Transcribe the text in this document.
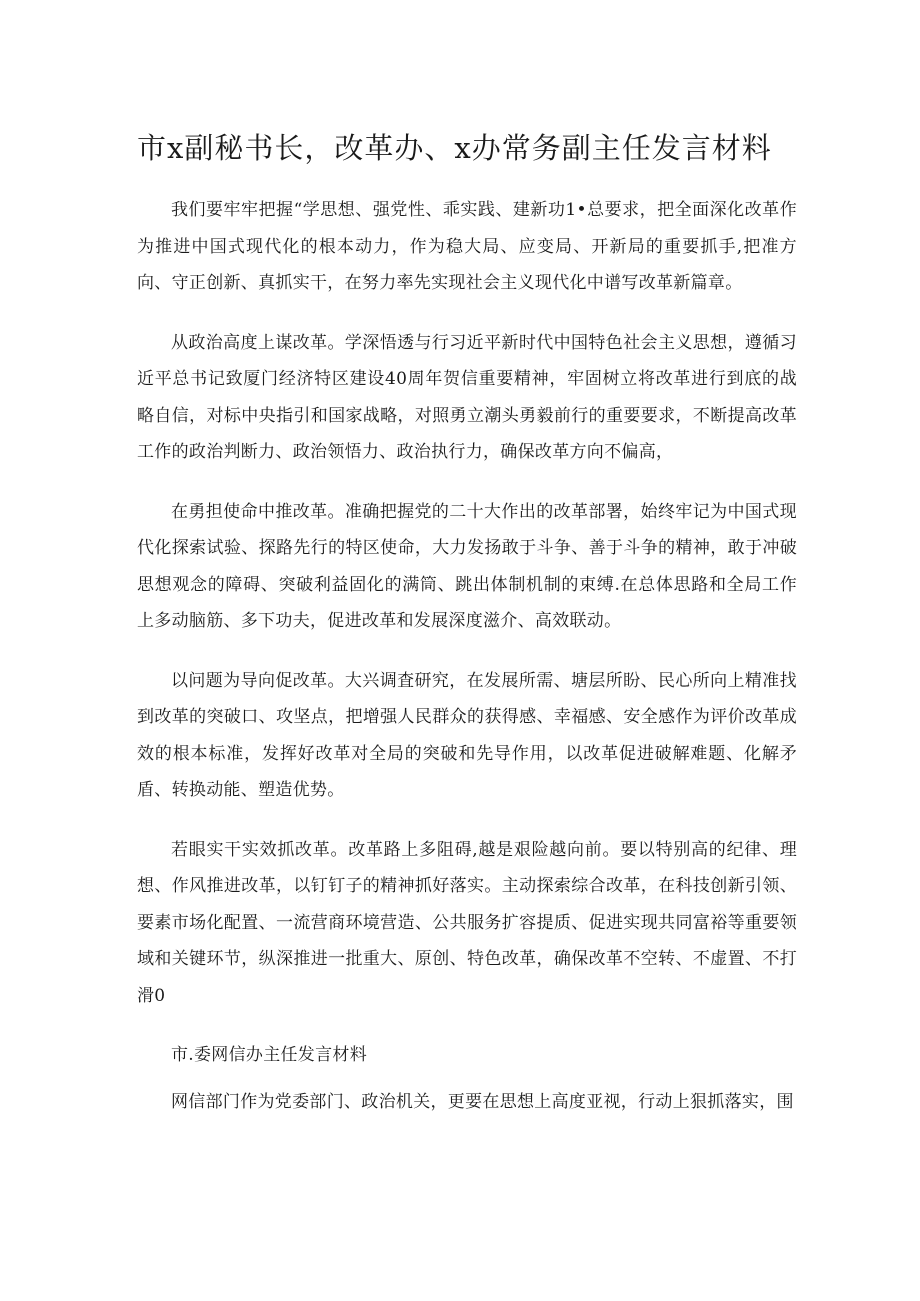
市x副秘书长，改革办、x办常务副主任发言材料

我们要牢牢把握“学思想、强党性、乖实践、建新功1•总要求，把全面深化改革作为推进中国式现代化的根本动力，作为稳大局、应变局、开新局的重要抓手,把准方向、守正创新、真抓实干，在努力率先实现社会主义现代化中谱写改革新篇章。

从政治高度上谋改革。学深悟透与行习近平新时代中国特色社会主义思想，遵循习近平总书记致厦门经济特区建设40周年贺信重要精神，牢固树立将改革进行到底的战略自信，对标中央指引和国家战略，对照勇立潮头勇毅前行的重要要求，不断提高改革工作的政治判断力、政治领悟力、政治执行力，确保改革方向不偏高，

在勇担使命中推改革。准确把握党的二十大作出的改革部署，始终牢记为中国式现代化探索试验、探路先行的特区使命，大力发扬敢于斗争、善于斗争的精神，敢于冲破思想观念的障碍、突破利益固化的满筒、跳出体制机制的束缚.在总体思路和全局工作上多动脑筋、多下功夫，促进改革和发展深度滋介、高效联动。

以问题为导向促改革。大兴调査研究，在发展所需、塘层所盼、民心所向上精准找到改革的突破口、攻坚点，把增强人民群众的获得感、幸福感、安全感作为评价改革成效的根本标准，发挥好改革对全局的突破和先导作用，以改革促进破解难题、化解矛盾、转换动能、塑造优势。

若眼实干实效抓改革。改革路上多阻碍,越是艰险越向前。要以特别高的纪律、理想、作风推进改革，以钉钉子的精神抓好落实。主动探索综合改革，在科技创新引领、要素市场化配置、一流营商环境营造、公共服务扩容提质、促进实现共同富裕等重要领域和关键环节，纵深推进一批重大、原创、特色改革，确保改革不空转、不虚置、不打滑0

市.委网信办主任发言材料

网信部门作为党委部门、政治机关，更要在思想上高度亚视，行动上狠抓落实，围
